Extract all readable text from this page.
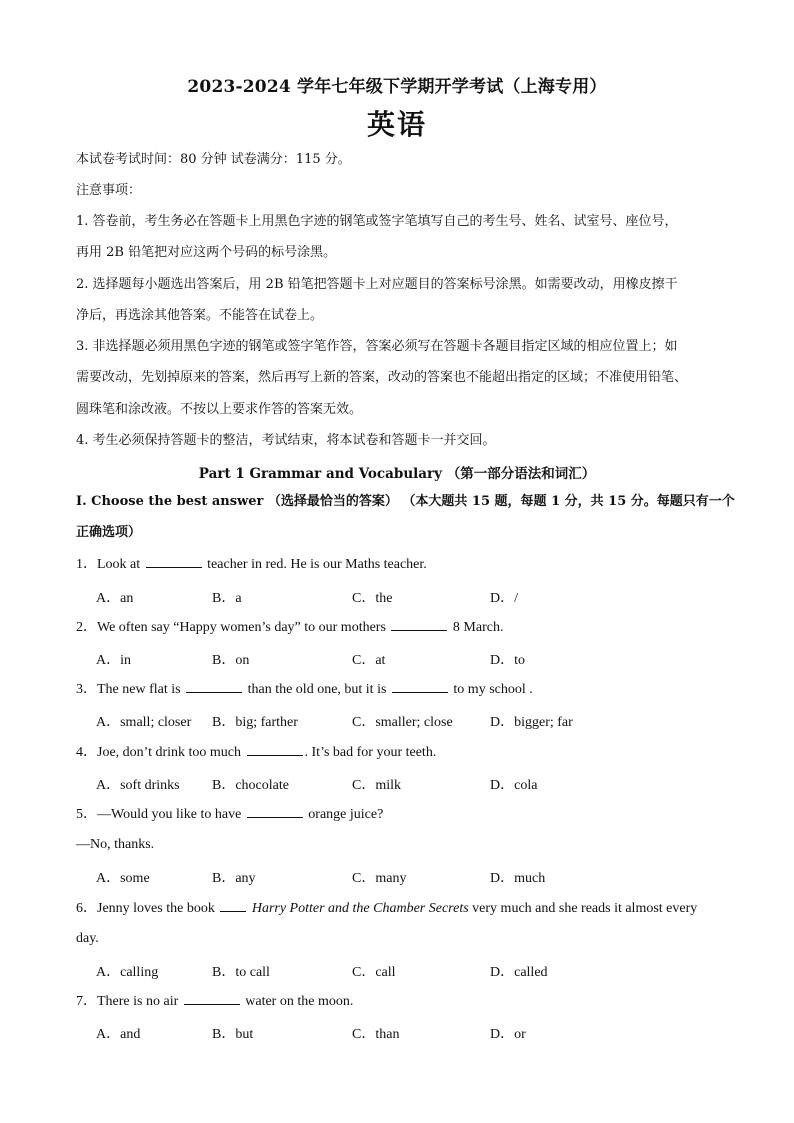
2023-2024 学年七年级下学期开学考试（上海专用）
英语
本试卷考试时间：80 分钟 试卷满分：115 分。
注意事项：
1. 答卷前，考生务必在答题卡上用黑色字迹的钢笔或签字笔填写自己的考生号、姓名、试室号、座位号，
再用 2B 铅笔把对应这两个号码的标号涂黑。
2. 选择题每小题选出答案后，用 2B 铅笔把答题卡上对应题目的答案标号涂黑。如需要改动，用橡皮擦干
净后，再选涂其他答案。不能答在试卷上。
3. 非选择题必须用黑色字迹的钢笔或签字笔作答，答案必须写在答题卡各题目指定区域的相应位置上；如
需要改动，先划掉原来的答案，然后再写上新的答案，改动的答案也不能超出指定的区域；不准使用铅笔、
圆珠笔和涂改液。不按以上要求作答的答案无效。
4. 考生必须保持答题卡的整洁，考试结束，将本试卷和答题卡一并交回。
Part 1 Grammar and Vocabulary （第一部分语法和词汇）
I. Choose the best answer （选择最恰当的答案） （本大题共 15 题，每题 1 分，共 15 分。每题只有一个
正确选项）
1．Look at	teacher in red. He is our Maths teacher.
A．an	B．a	C．the	D．/
2．We often say “Happy women’s day” to our mothers	8 March.
A．in	B．on	C．at	D．to
3．The new flat is	than the old one, but it is	to my school .
A．small; closer B．big; farther	C．smaller; close	D．bigger; far
4．Joe, don’t drink too much	. It’s bad for your teeth.
A．soft drinks B．chocolate	C．milk	D．cola
5．—Would you like to have	orange juice?
—No, thanks.
A．some	B．any	C．many	D．much
6．Jenny loves the book	Harry Potter and the Chamber Secrets very much and she reads it almost every
day.
A．calling	B．to call	C．call	D．called
7．There is no air	water on the moon.
A．and	B．but	C．than	D．or
